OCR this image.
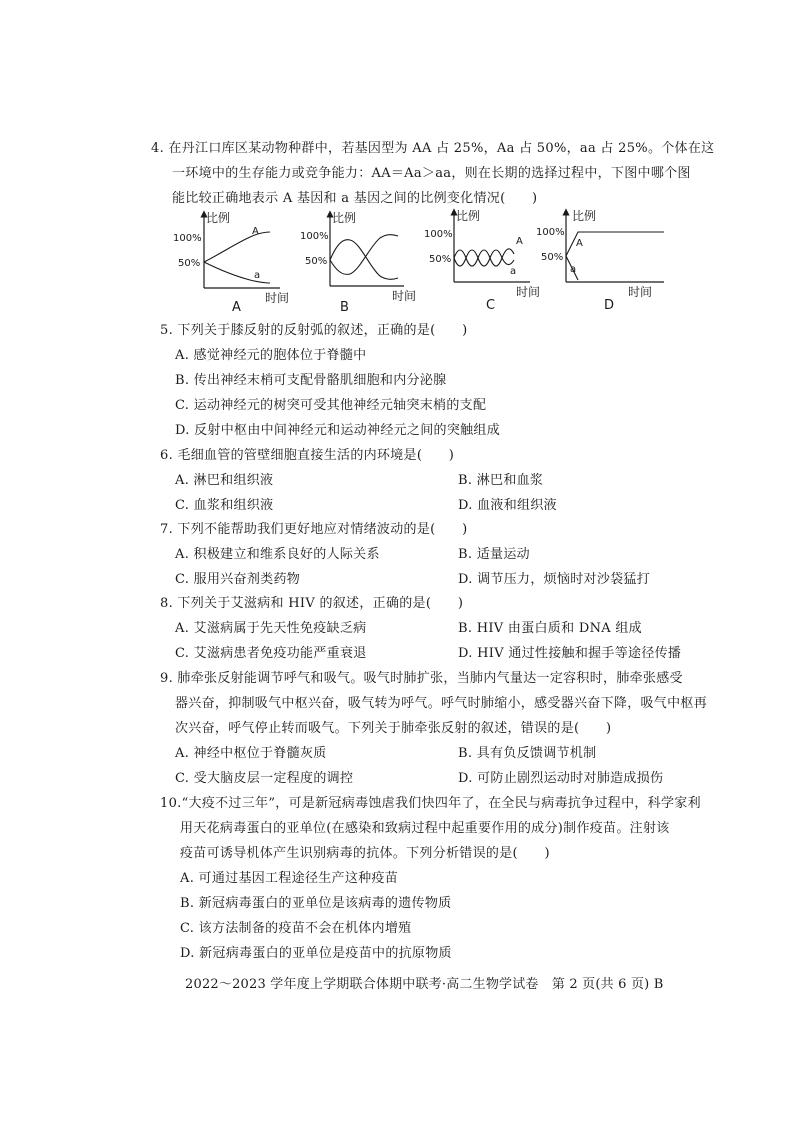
4. 在丹江口库区某动物种群中，若基因型为 AA 占 25%，Aa 占 50%，aa 占 25%。个体在这
一环境中的生存能力或竞争能力：AA＝Aa＞aa，则在长期的选择过程中，下图中哪个图
能比较正确地表示 A 基因和 a 基因之间的比例变化情况(　　)
比例
100%
50%
A
a
时间
比例
100%
50%
时间
比例
100%
50%
A
a
时间
比例
100%
50%
A
a
时间
A	B	C	D
5. 下列关于膝反射的反射弧的叙述，正确的是(　　)
A. 感觉神经元的胞体位于脊髓中
B. 传出神经末梢可支配骨骼肌细胞和内分泌腺
C. 运动神经元的树突可受其他神经元轴突末梢的支配
D. 反射中枢由中间神经元和运动神经元之间的突触组成
6. 毛细血管的管壁细胞直接生活的内环境是(　　)
A. 淋巴和组织液	B. 淋巴和血浆
C. 血浆和组织液	D. 血液和组织液
7. 下列不能帮助我们更好地应对情绪波动的是(　　)
A. 积极建立和维系良好的人际关系	B. 适量运动
C. 服用兴奋剂类药物	D. 调节压力，烦恼时对沙袋猛打
8. 下列关于艾滋病和 HIV 的叙述，正确的是(　　)
A. 艾滋病属于先天性免疫缺乏病	B. HIV 由蛋白质和 DNA 组成
C. 艾滋病患者免疫功能严重衰退	D. HIV 通过性接触和握手等途径传播
9. 肺牵张反射能调节呼气和吸气。吸气时肺扩张，当肺内气量达一定容积时，肺牵张感受
器兴奋，抑制吸气中枢兴奋，吸气转为呼气。呼气时肺缩小，感受器兴奋下降，吸气中枢再
次兴奋，呼气停止转而吸气。下列关于肺牵张反射的叙述，错误的是(　　)
A. 神经中枢位于脊髓灰质	B. 具有负反馈调节机制
C. 受大脑皮层一定程度的调控	D. 可防止剧烈运动时对肺造成损伤
10.“大疫不过三年”，可是新冠病毒蚀虐我们快四年了，在全民与病毒抗争过程中，科学家利
用天花病毒蛋白的亚单位(在感染和致病过程中起重要作用的成分)制作疫苗。注射该
疫苗可诱导机体产生识别病毒的抗体。下列分析错误的是(　　)
A. 可通过基因工程途径生产这种疫苗
B. 新冠病毒蛋白的亚单位是该病毒的遗传物质
C. 该方法制备的疫苗不会在机体内增殖
D. 新冠病毒蛋白的亚单位是疫苗中的抗原物质
2022～2023 学年度上学期联合体期中联考·高二生物学试卷　第 2 页(共 6 页) B
